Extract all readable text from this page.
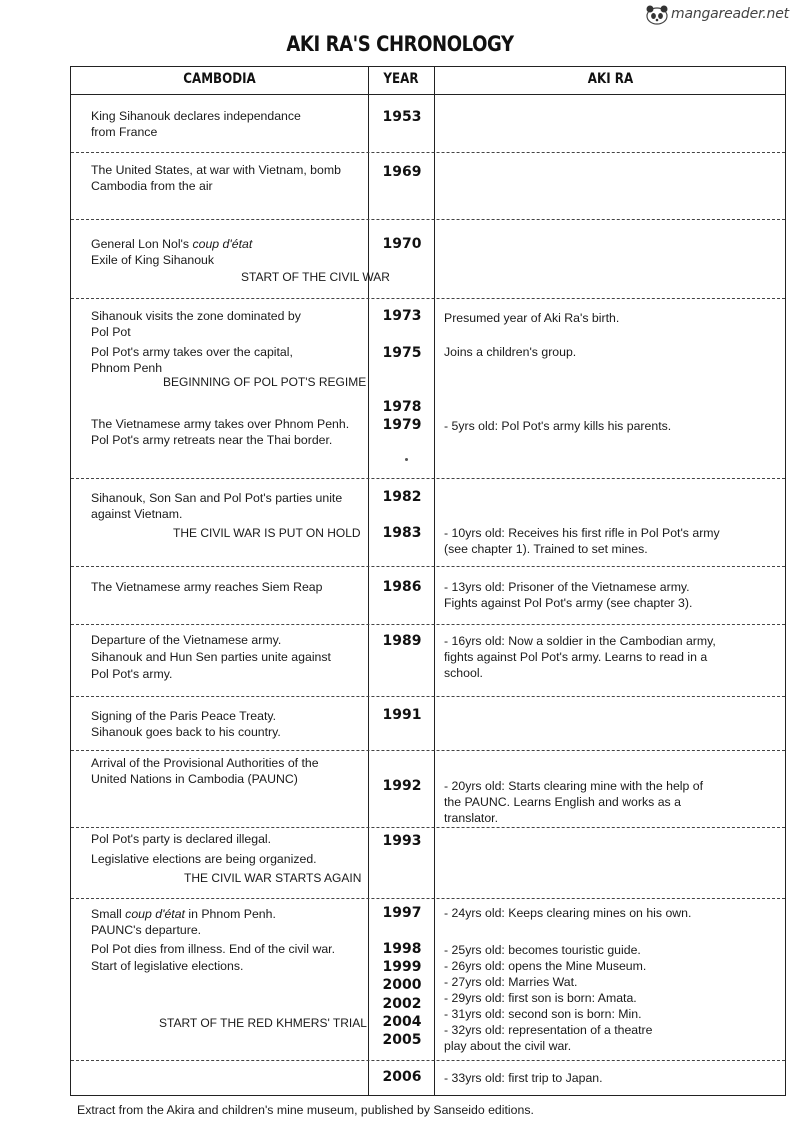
mangareader.net
AKI RA'S CHRONOLOGY
CAMBODIA	YEAR	AKI RA
King Sihanouk declares independance
from France
The United States, at war with Vietnam, bomb
Cambodia from the air
General Lon Nol's coup d'état
Exile of King Sihanouk
START OF THE CIVIL WAR
Sihanouk visits the zone dominated by
Pol Pot
Pol Pot's army takes over the capital,
Phnom Penh
BEGINNING OF POL POT'S REGIME
The Vietnamese army takes over Phnom Penh.
Pol Pot's army retreats near the Thai border.
Sihanouk, Son San and Pol Pot's parties unite
against Vietnam.
THE CIVIL WAR IS PUT ON HOLD
The Vietnamese army reaches Siem Reap
Departure of the Vietnamese army.
Sihanouk and Hun Sen parties unite against
Pol Pot's army.
Signing of the Paris Peace Treaty.
Sihanouk goes back to his country.
Arrival of the Provisional Authorities of the
United Nations in Cambodia (PAUNC)
Pol Pot's party is declared illegal.
Legislative elections are being organized.
THE CIVIL WAR STARTS AGAIN
Small coup d'état in Phnom Penh.
PAUNC's departure.
Pol Pot dies from illness. End of the civil war.
Start of legislative elections.
START OF THE RED KHMERS' TRIAL
1953
1969
1970
1973
1975
1978
1979
1982
1983
1986
1989
1991
1992
1993
1997
1998
1999
2000
2002
2004
2005
2006
Presumed year of Aki Ra's birth.
Joins a children's group.
- 5yrs old: Pol Pot's army kills his parents.
- 10yrs old: Receives his first rifle in Pol Pot's army
(see chapter 1). Trained to set mines.
- 13yrs old: Prisoner of the Vietnamese army.
Fights against Pol Pot's army (see chapter 3).
- 16yrs old: Now a soldier in the Cambodian army,
fights against Pol Pot's army. Learns to read in a
school.
- 20yrs old: Starts clearing mine with the help of
the PAUNC. Learns English and works as a
translator.
- 24yrs old: Keeps clearing mines on his own.
- 25yrs old: becomes touristic guide.
- 26yrs old: opens the Mine Museum.
- 27yrs old: Marries Wat.
- 29yrs old: first son is born: Amata.
- 31yrs old: second son is born: Min.
- 32yrs old: representation of a theatre
play about the civil war.
- 33yrs old: first trip to Japan.
Extract from the Akira and children's mine museum, published by Sanseido editions.
